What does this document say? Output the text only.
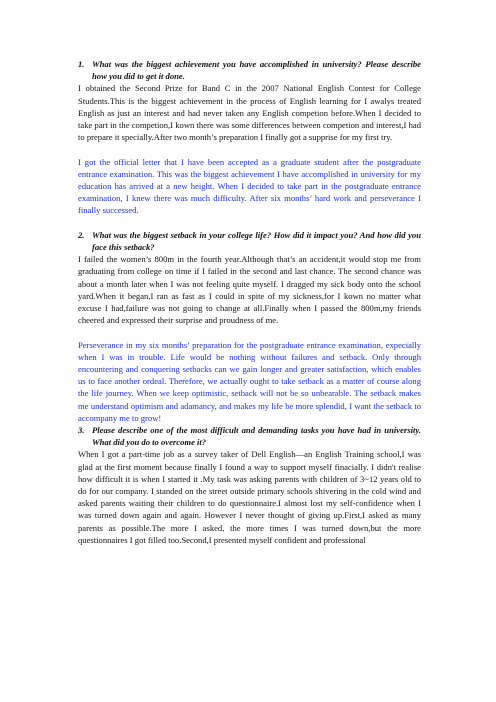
1. What was the biggest achievement you have accomplished in university? Please describe how you did to get it done.

I obtained the Second Prize for Band C in the 2007 National English Contest for College Students.This is the biggest achievement in the process of English learning for I awalys treated English as just an interest and had never taken any English competion before.When I decided to take part in the competion,I kown there was some differences between competion and interest,I had to prepare it specially.After two month’s preparation I finally got a supprise for my first try.

I got the official letter that I have been accepted as a graduate student after the postgraduate entrance examination. This was the biggest achievement I have accomplished in university for my education has arrived at a new height. When I decided to take part in the postgraduate entrance examination, I knew there was much difficulty. After six months’ hard work and perseverance I finally successed.

2. What was the biggest setback in your college life? How did it impact you? And how did you face this setback?

I failed the women’s 800m in the fourth year.Although that’s an accident,it would stop me from graduating from college on time if I failed in the second and last chance. The second chance was about a month later when I was not feeling quite myself. I dragged my sick body onto the school yard.When it began,I ran as fast as I could in spite of my sickness,for I kown no matter what excuse I had,failure was not going to change at all.Finally when I passed the 800m,my friends cheered and expressed their surprise and proudness of me.

Perseverance in my six months’ preparation for the postgraduate entrance examination, expecially when I was in trouble. Life would be nothing without failures and setback. Only through encountering and conquering setbacks can we gain longer and greater satisfaction, which enables us to face another ordeal. Therefore, we actually ought to take setback as a matter of course along the life journey. When we keep optimistic, setback will not be so unbearable. The setback makes me understand optimism and adamancy, and makes my life be more splendid, I want the setback to accompany me to grow!

3. Please describe one of the most difficult and demanding tasks you have had in university. What did you do to overcome it?

When I got a part-time job as a survey taker of Dell English—an English Training school,I was glad at the first moment because finally I found a way to support myself finacially. I didn't realise how difficult it is when I started it .My task was asking parents with children of 3~12 years old to do for our company. I standed on the street outside primary schools shivering in the cold wind and asked parents waiting their children to do questionnaire.I almost lost my self-confidence when I was turned down again and again. However I never thought of giving up.First,I asked as many parents as possible.The more I asked, the more times I was turned down,but the more questionnaires I got filled too.Second,I presented myself confident and professional
